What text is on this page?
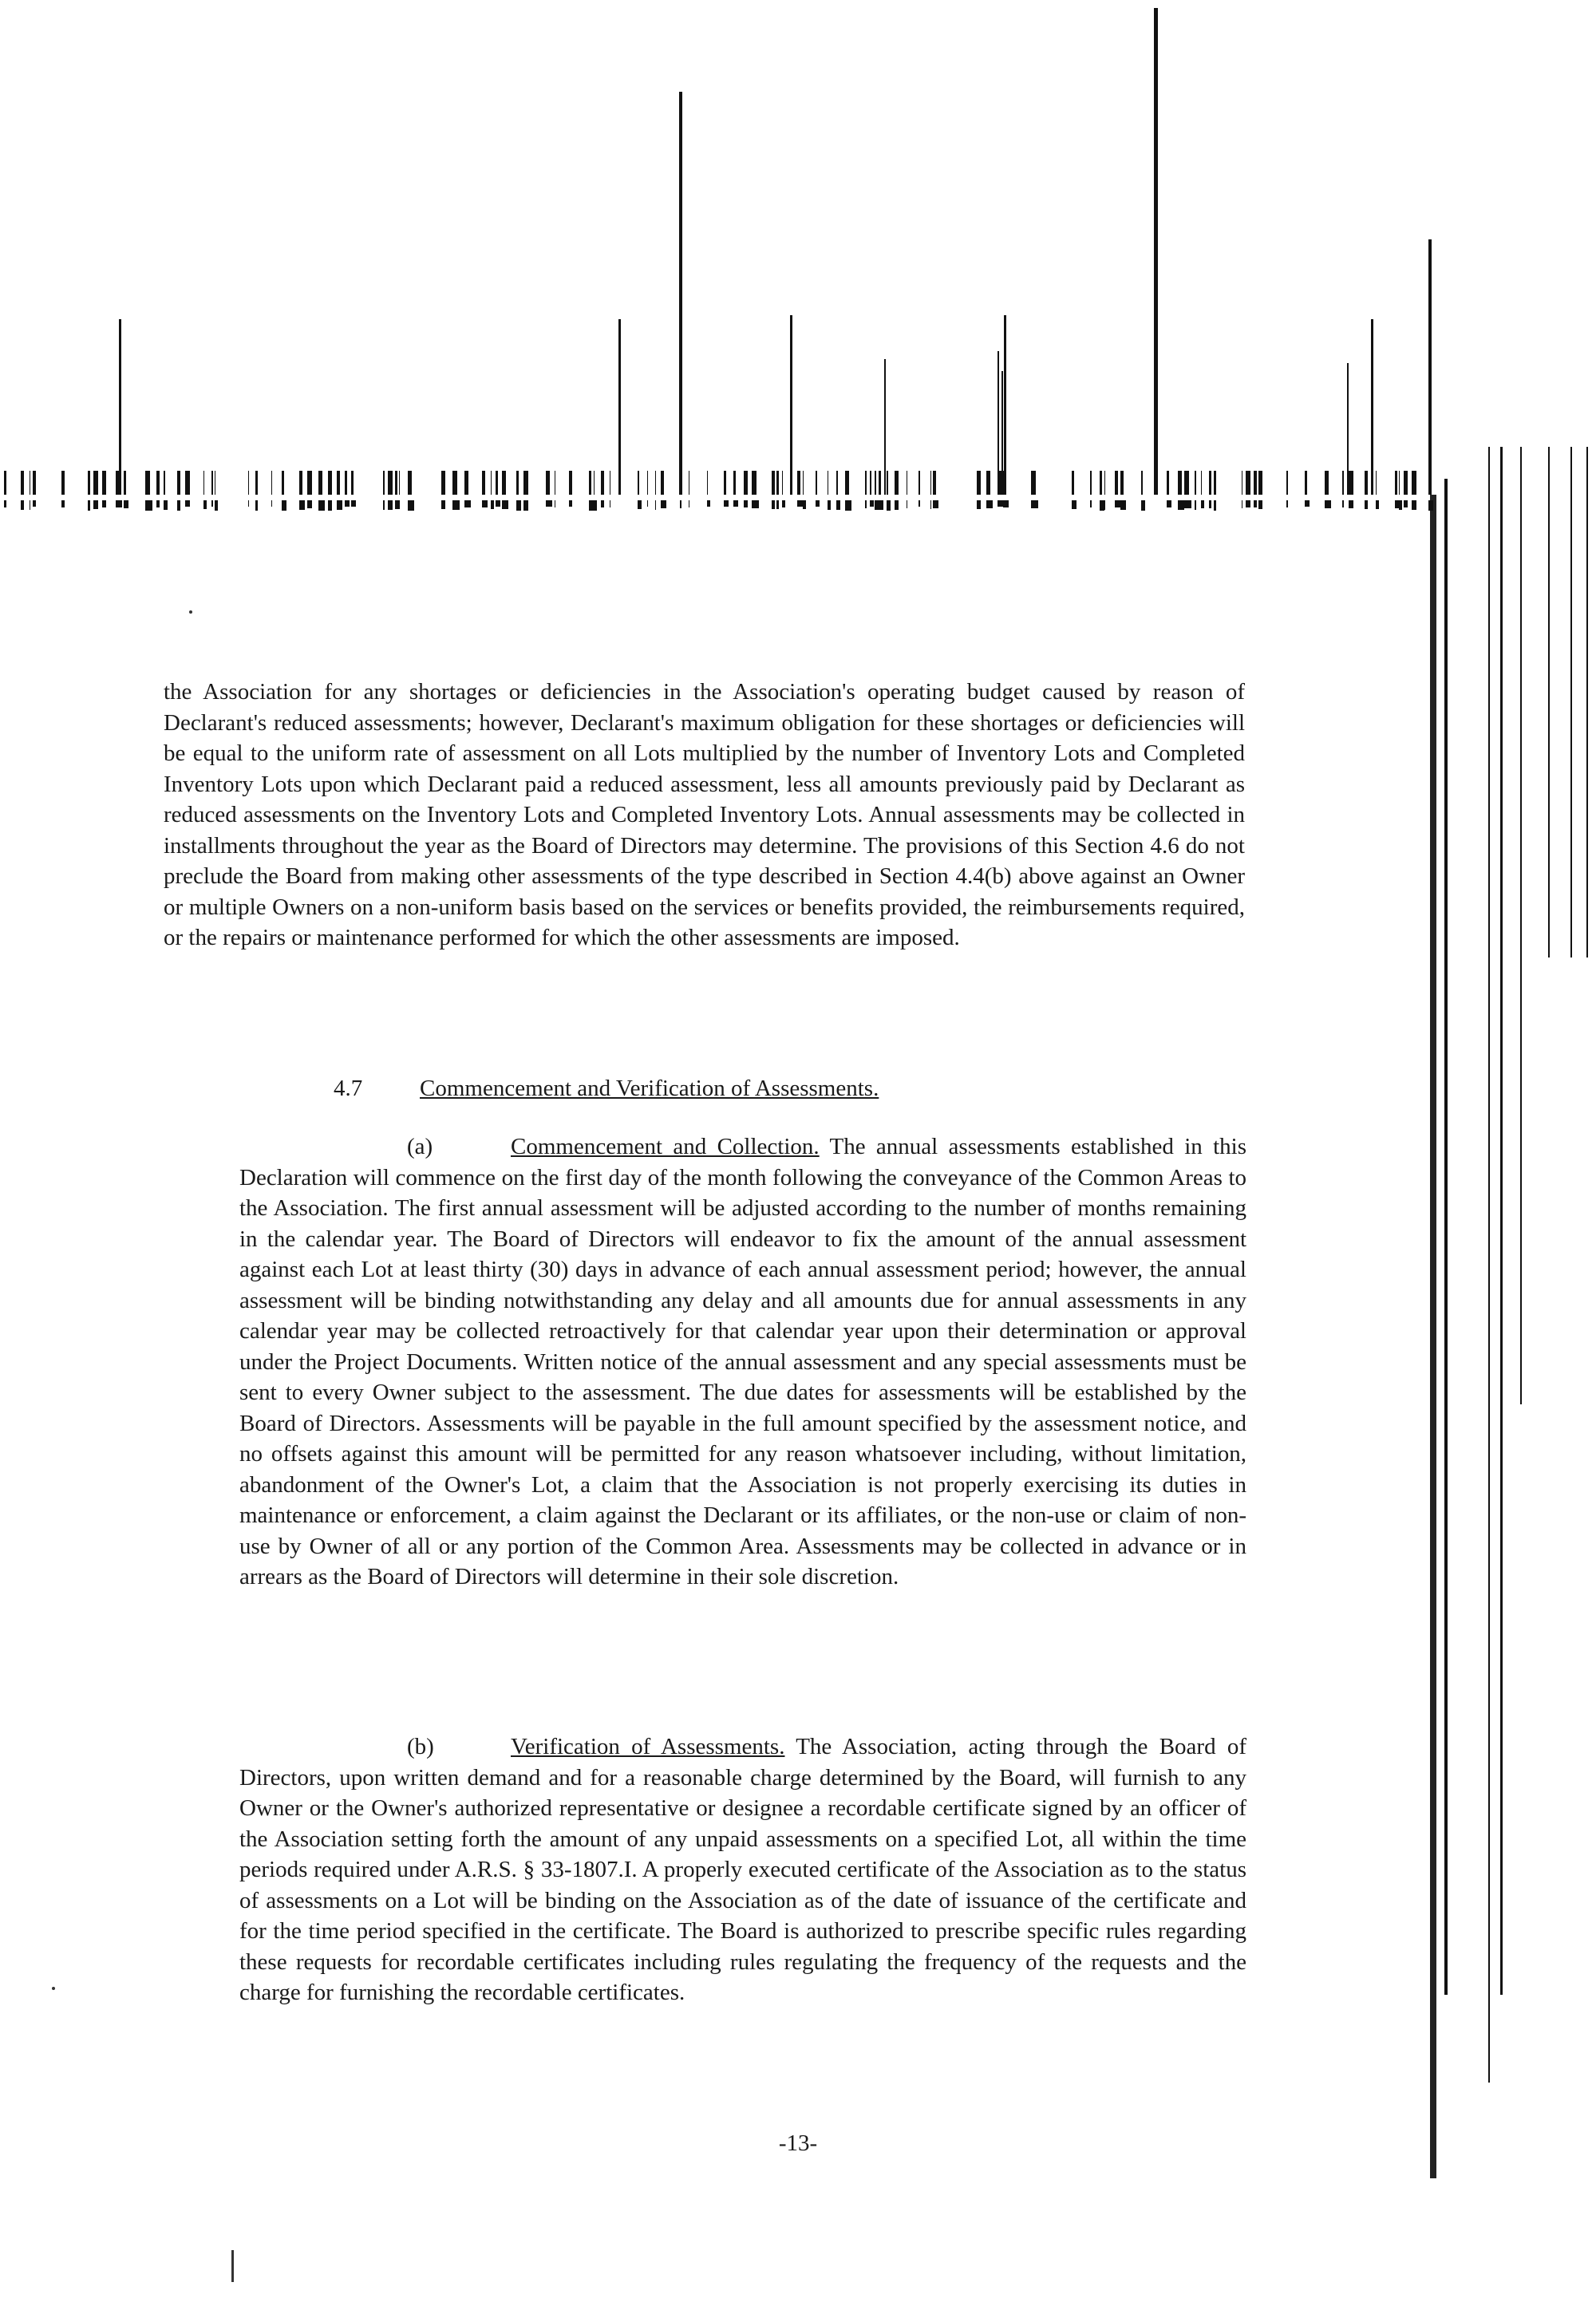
the Association for any shortages or deficiencies in the Association's operating budget caused by reason of Declarant's reduced assessments; however, Declarant's maximum obligation for these shortages or deficiencies will be equal to the uniform rate of assessment on all Lots multiplied by the number of Inventory Lots and Completed Inventory Lots upon which Declarant paid a reduced assessment, less all amounts previously paid by Declarant as reduced assessments on the Inventory Lots and Completed Inventory Lots. Annual assessments may be collected in installments throughout the year as the Board of Directors may determine. The provisions of this Section 4.6 do not preclude the Board from making other assessments of the type described in Section 4.4(b) above against an Owner or multiple Owners on a non-uniform basis based on the services or benefits provided, the reimbursements required, or the repairs or maintenance performed for which the other assessments are imposed.

4.7 Commencement and Verification of Assessments.

(a)	Commencement and Collection. The annual assessments established in this Declaration will commence on the first day of the month following the conveyance of the Common Areas to the Association. The first annual assessment will be adjusted according to the number of months remaining in the calendar year. The Board of Directors will endeavor to fix the amount of the annual assessment against each Lot at least thirty (30) days in advance of each annual assessment period; however, the annual assessment will be binding notwithstanding any delay and all amounts due for annual assessments in any calendar year may be collected retroactively for that calendar year upon their determination or approval under the Project Documents. Written notice of the annual assessment and any special assessments must be sent to every Owner subject to the assessment. The due dates for assessments will be established by the Board of Directors. Assessments will be payable in the full amount specified by the assessment notice, and no offsets against this amount will be permitted for any reason whatsoever including, without limitation, abandonment of the Owner's Lot, a claim that the Association is not properly exercising its duties in maintenance or enforcement, a claim against the Declarant or its affiliates, or the non-use or claim of non-use by Owner of all or any portion of the Common Area. Assessments may be collected in advance or in arrears as the Board of Directors will determine in their sole discretion.

(b)	Verification of Assessments. The Association, acting through the Board of Directors, upon written demand and for a reasonable charge determined by the Board, will furnish to any Owner or the Owner's authorized representative or designee a recordable certificate signed by an officer of the Association setting forth the amount of any unpaid assessments on a specified Lot, all within the time periods required under A.R.S. § 33-1807.I. A properly executed certificate of the Association as to the status of assessments on a Lot will be binding on the Association as of the date of issuance of the certificate and for the time period specified in the certificate. The Board is authorized to prescribe specific rules regarding these requests for recordable certificates including rules regulating the frequency of the requests and the charge for furnishing the recordable certificates.

-13-
